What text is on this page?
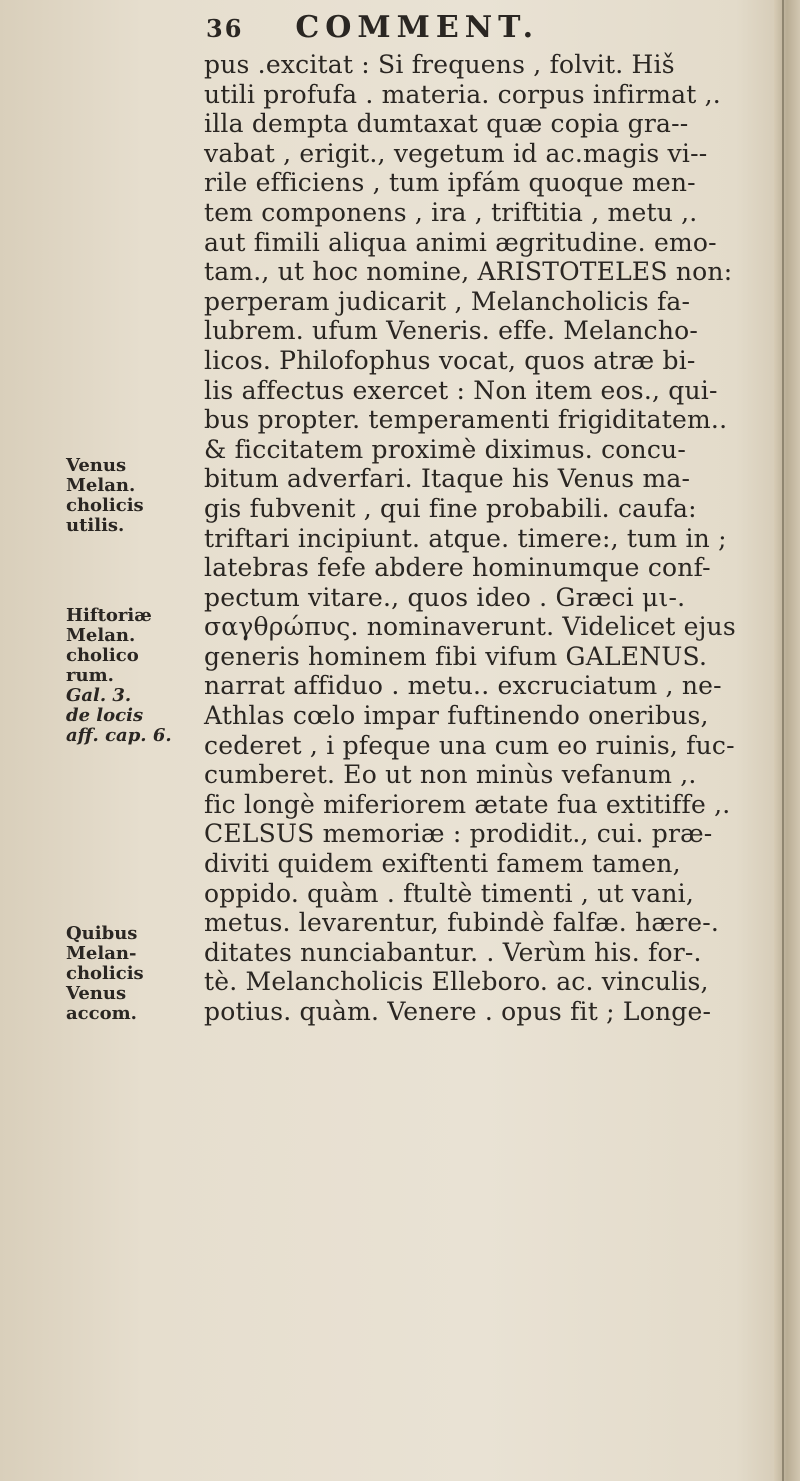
36 COMMENT.
Venus
Melan.
cholicis
utilis.
Hiftoriæ
Melan.
cholico
rum.
Gal. 3.
de locis
aff. cap. 6.
Quibus
Melan-
cholicis
Venus
accom.
pus .excitat : Si frequens , folvit. Hiš
utili profufa . materia. corpus infirmat ,.
illa dempta dumtaxat quæ copia gra--
vabat , erigit., vegetum id ac.magis vi--
rile efficiens , tum ipfám quoque men-
tem componens , ira , triftitia , metu ,.
aut fimili aliqua animi ægritudine. emo-
tam., ut hoc nomine, ARISTOTELES non:
perperam judicarit , Melancholicis fa-
lubrem. ufum Veneris. effe. Melancho-
licos. Philofophus vocat, quos atræ bi-
lis affectus exercet : Non item eos., qui-
bus propter. temperamenti frigiditatem..
& ficcitatem proximè diximus. concu-
bitum adverfari. Itaque his Venus ma-
gis fubvenit , qui fine probabili. caufa:
triftari incipiunt. atque. timere:, tum in ;
latebras fefe abdere hominumque conf-
pectum vitare., quos ideo . Græci μι-.
σαγθρώπυς. nominaverunt. Videlicet ejus
generis hominem fibi vifum GALENUS.
narrat affiduo . metu.. excruciatum , ne-
Athlas cœlo impar fuftinendo oneribus,
cederet , i pfeque una cum eo ruinis, fuc-
cumberet. Eo ut non minùs vefanum ,.
fic longè miferiorem ætate fua extitiffe ,.
CELSUS memoriæ : prodidit., cui. præ-
diviti quidem exiftenti famem tamen,
oppido. quàm . ftultè timenti , ut vani,
metus. levarentur, fubindè falfæ. hære-.
ditates nunciabantur. . Verùm his. for-.
tè. Melancholicis Elleboro. ac. vinculis,
potius. quàm. Venere . opus fit ; Longe-
